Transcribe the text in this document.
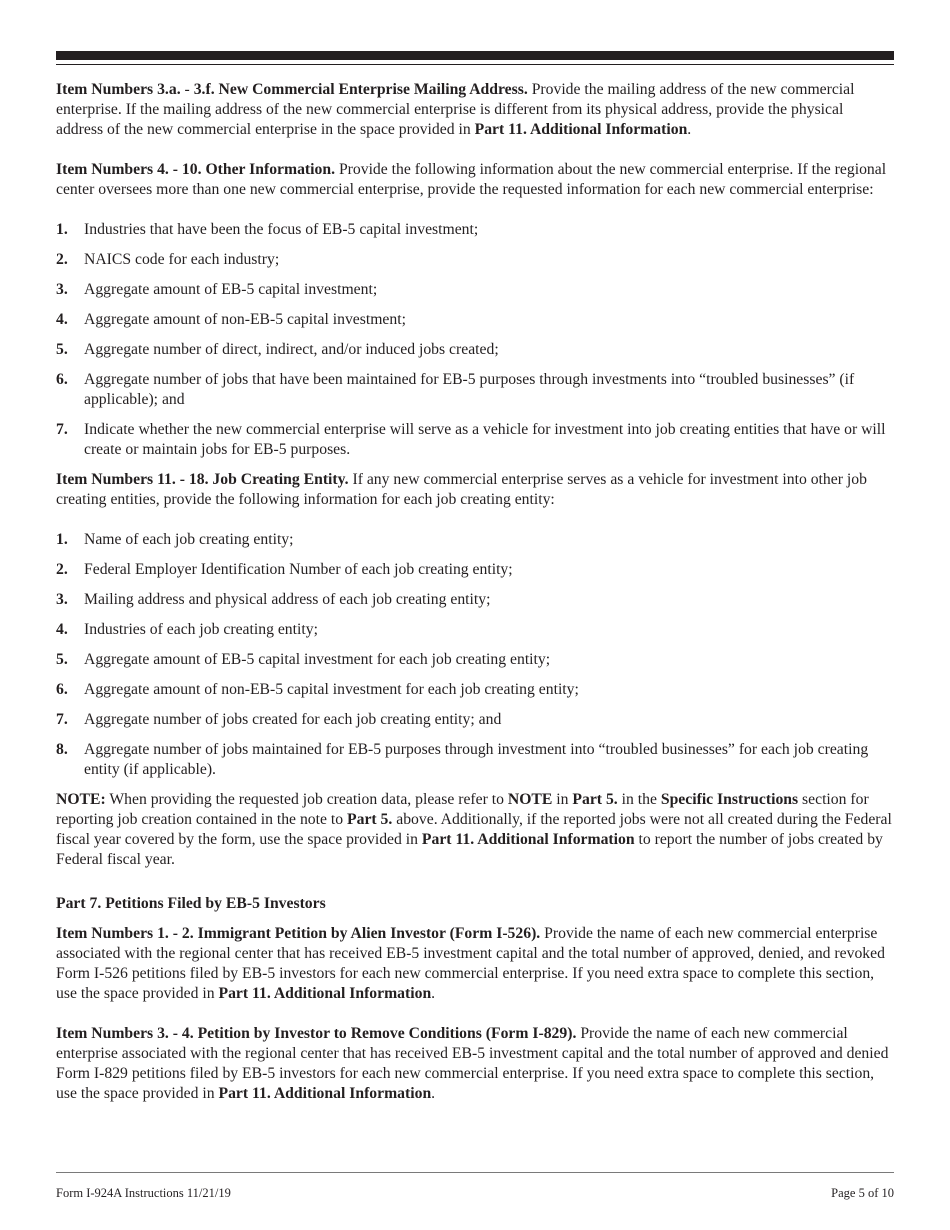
Item Numbers 3.a. - 3.f. New Commercial Enterprise Mailing Address. Provide the mailing address of the new commercial enterprise. If the mailing address of the new commercial enterprise is different from its physical address, provide the physical address of the new commercial enterprise in the space provided in Part 11. Additional Information.

Item Numbers 4. - 10. Other Information. Provide the following information about the new commercial enterprise. If the regional center oversees more than one new commercial enterprise, provide the requested information for each new commercial enterprise:

1. Industries that have been the focus of EB-5 capital investment;
2. NAICS code for each industry;
3. Aggregate amount of EB-5 capital investment;
4. Aggregate amount of non-EB-5 capital investment;
5. Aggregate number of direct, indirect, and/or induced jobs created;
6. Aggregate number of jobs that have been maintained for EB-5 purposes through investments into “troubled businesses” (if applicable); and
7. Indicate whether the new commercial enterprise will serve as a vehicle for investment into job creating entities that have or will create or maintain jobs for EB-5 purposes.

Item Numbers 11. - 18. Job Creating Entity. If any new commercial enterprise serves as a vehicle for investment into other job creating entities, provide the following information for each job creating entity:

1. Name of each job creating entity;
2. Federal Employer Identification Number of each job creating entity;
3. Mailing address and physical address of each job creating entity;
4. Industries of each job creating entity;
5. Aggregate amount of EB-5 capital investment for each job creating entity;
6. Aggregate amount of non-EB-5 capital investment for each job creating entity;
7. Aggregate number of jobs created for each job creating entity; and
8. Aggregate number of jobs maintained for EB-5 purposes through investment into “troubled businesses” for each job creating entity (if applicable).

NOTE: When providing the requested job creation data, please refer to NOTE in Part 5. in the Specific Instructions section for reporting job creation contained in the note to Part 5. above. Additionally, if the reported jobs were not all created during the Federal fiscal year covered by the form, use the space provided in Part 11. Additional Information to report the number of jobs created by Federal fiscal year.

Part 7. Petitions Filed by EB-5 Investors

Item Numbers 1. - 2. Immigrant Petition by Alien Investor (Form I-526). Provide the name of each new commercial enterprise associated with the regional center that has received EB-5 investment capital and the total number of approved, denied, and revoked Form I-526 petitions filed by EB-5 investors for each new commercial enterprise. If you need extra space to complete this section, use the space provided in Part 11. Additional Information.

Item Numbers 3. - 4. Petition by Investor to Remove Conditions (Form I-829). Provide the name of each new commercial enterprise associated with the regional center that has received EB-5 investment capital and the total number of approved and denied Form I-829 petitions filed by EB-5 investors for each new commercial enterprise. If you need extra space to complete this section, use the space provided in Part 11. Additional Information.

Form I-924A Instructions 11/21/19	Page 5 of 10
